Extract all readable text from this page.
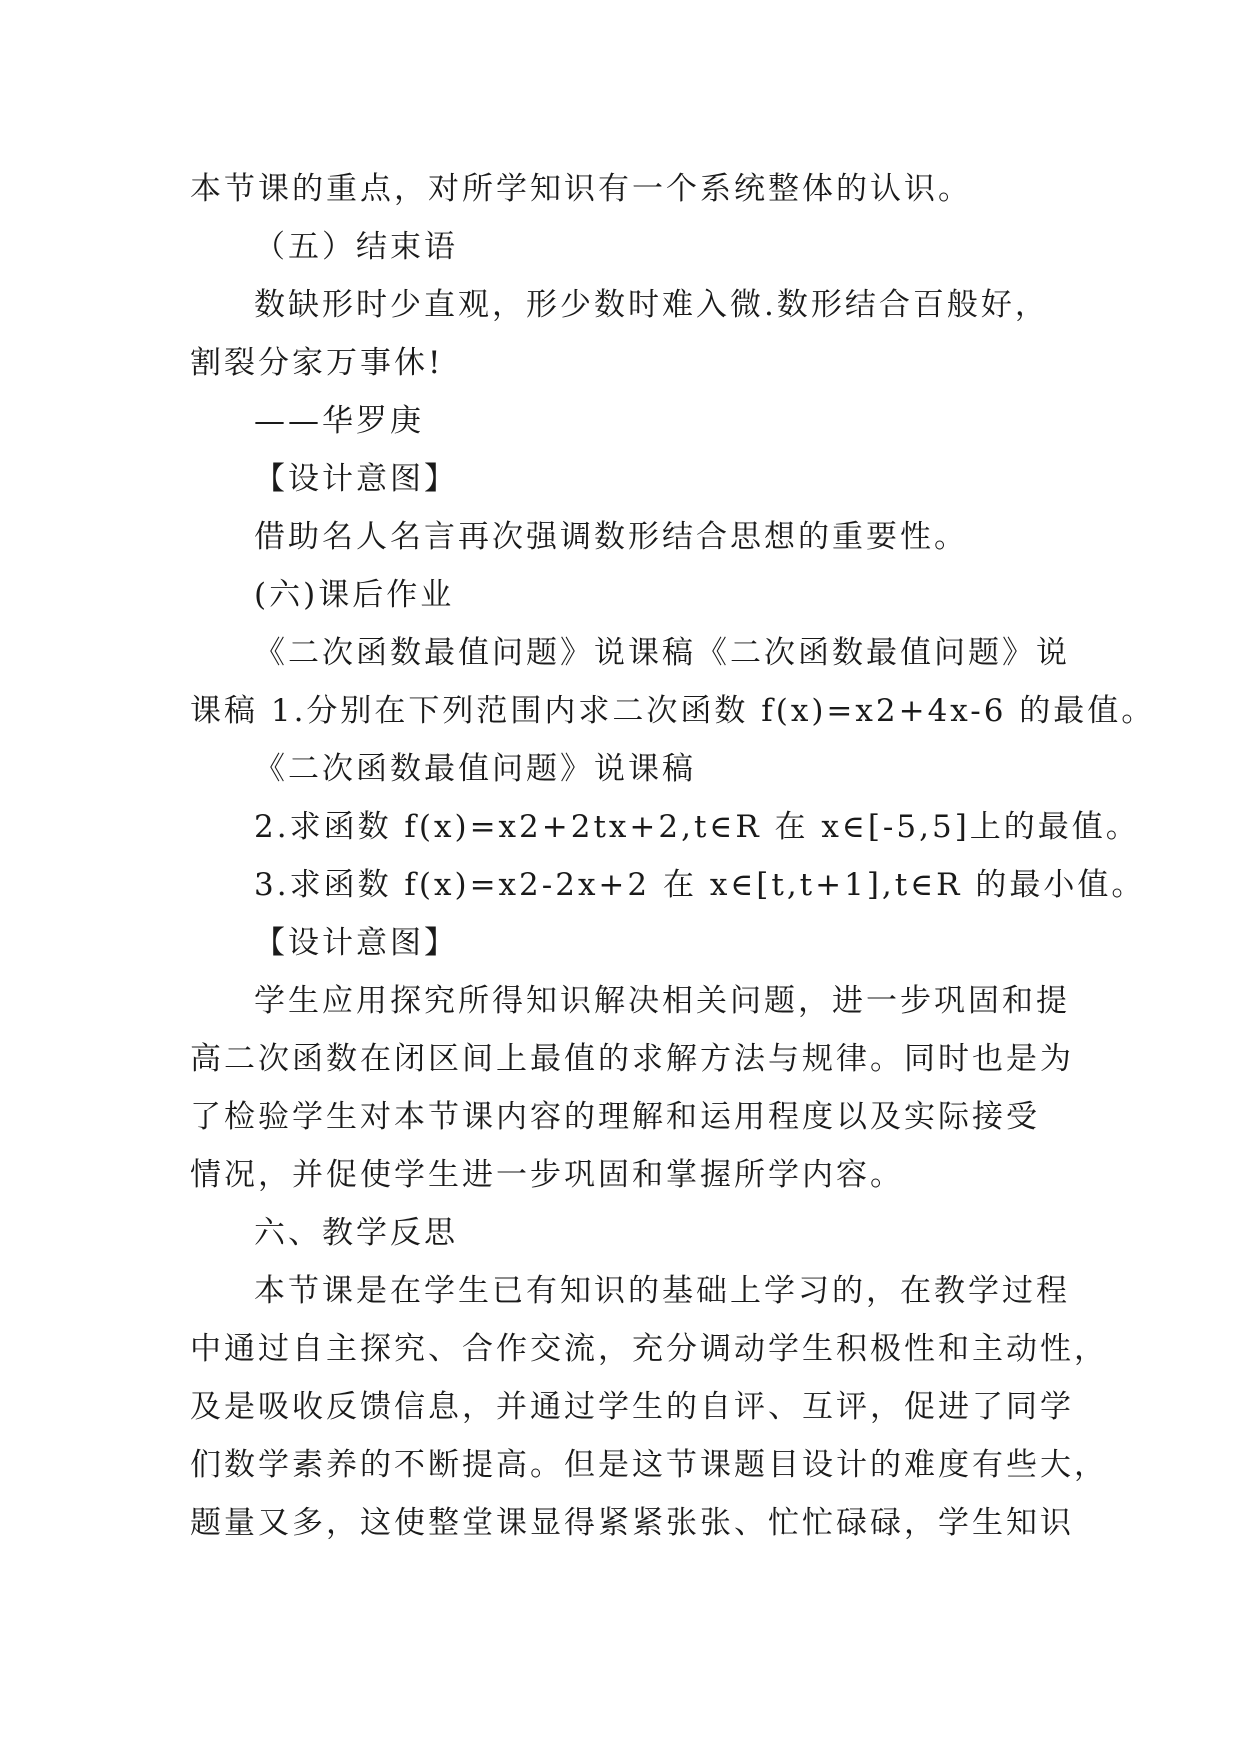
本节课的重点，对所学知识有一个系统整体的认识。
（五）结束语
数缺形时少直观，形少数时难入微.数形结合百般好，
割裂分家万事休!
——华罗庚
【设计意图】
借助名人名言再次强调数形结合思想的重要性。
(六)课后作业
《二次函数最值问题》说课稿《二次函数最值问题》说
课稿 1.分别在下列范围内求二次函数 f(x)=x2+4x-6 的最值。
《二次函数最值问题》说课稿
2.求函数 f(x)=x2+2tx+2,t∈R 在 x∈[-5,5]上的最值。
3.求函数 f(x)=x2-2x+2 在 x∈[t,t+1],t∈R 的最小值。
【设计意图】
学生应用探究所得知识解决相关问题，进一步巩固和提
高二次函数在闭区间上最值的求解方法与规律。同时也是为
了检验学生对本节课内容的理解和运用程度以及实际接受
情况，并促使学生进一步巩固和掌握所学内容。
六、教学反思
本节课是在学生已有知识的基础上学习的，在教学过程
中通过自主探究、合作交流，充分调动学生积极性和主动性，
及是吸收反馈信息，并通过学生的自评、互评，促进了同学
们数学素养的不断提高。但是这节课题目设计的难度有些大，
题量又多，这使整堂课显得紧紧张张、忙忙碌碌，学生知识
